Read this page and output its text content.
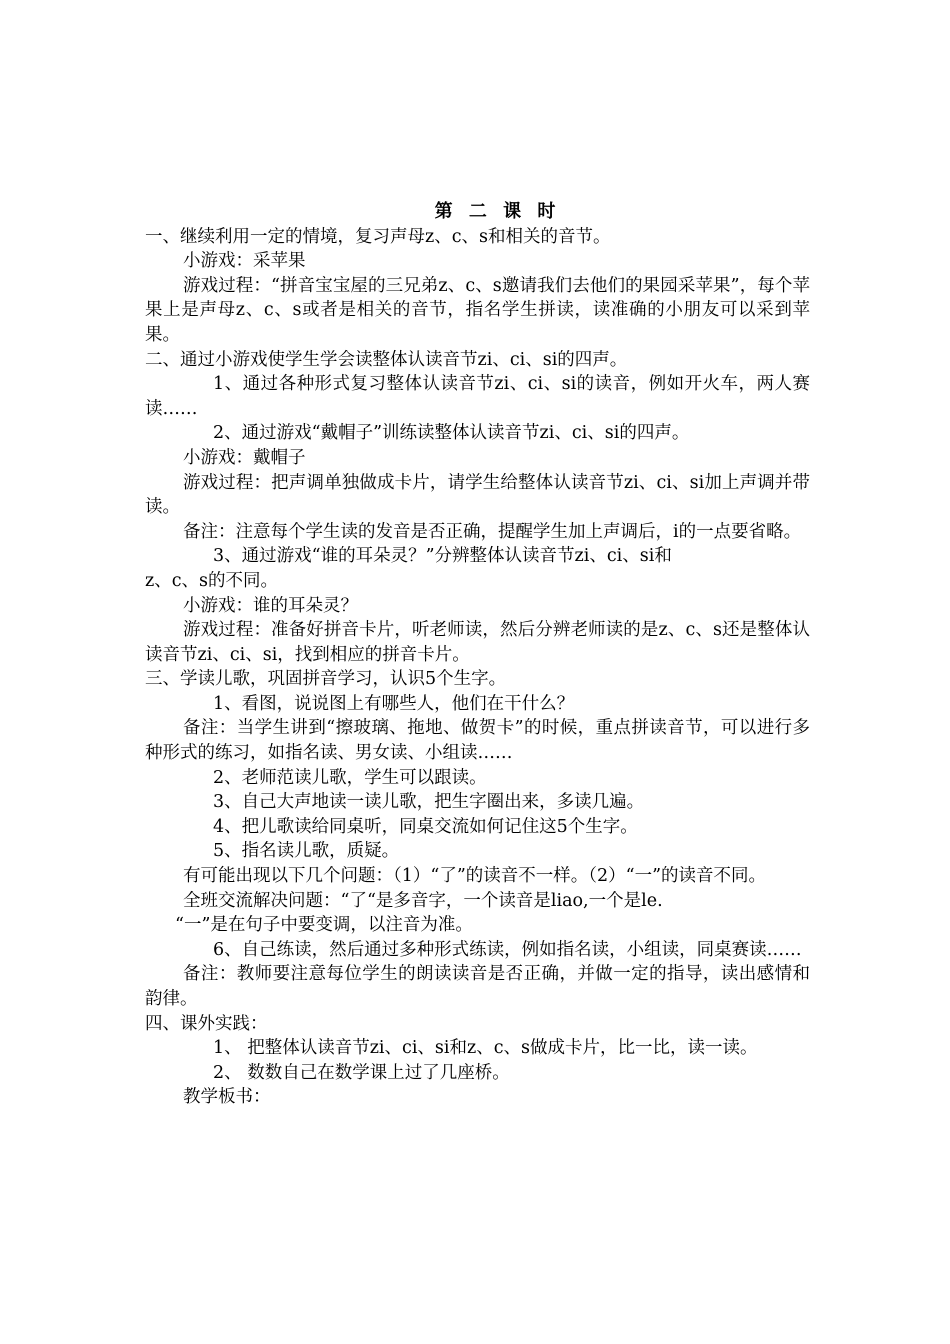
第 二 课 时

一、继续利用一定的情境，复习声母z、c、s和相关的音节。

小游戏：采苹果

游戏过程：“拼音宝宝屋的三兄弟z、c、s邀请我们去他们的果园采苹果”，每个苹果上是声母z、c、s或者是相关的音节，指名学生拼读，读准确的小朋友可以采到苹果。

二、通过小游戏使学生学会读整体认读音节zi、ci、si的四声。

1、通过各种形式复习整体认读音节zi、ci、si的读音，例如开火车，两人赛读……

2、通过游戏“戴帽子”训练读整体认读音节zi、ci、si的四声。

小游戏：戴帽子

游戏过程：把声调单独做成卡片，请学生给整体认读音节zi、ci、si加上声调并带读。

备注：注意每个学生读的发音是否正确，提醒学生加上声调后，i的一点要省略。

3、通过游戏“谁的耳朵灵？”分辨整体认读音节zi、ci、si和

z、c、s的不同。

小游戏：谁的耳朵灵？

游戏过程：准备好拼音卡片，听老师读，然后分辨老师读的是z、c、s还是整体认读音节zi、ci、si，找到相应的拼音卡片。

三、学读儿歌，巩固拼音学习，认识5个生字。

1、看图，说说图上有哪些人，他们在干什么？

备注：当学生讲到“擦玻璃、拖地、做贺卡”的时候，重点拼读音节，可以进行多种形式的练习，如指名读、男女读、小组读……

2、老师范读儿歌，学生可以跟读。

3、自己大声地读一读儿歌，把生字圈出来，多读几遍。

4、把儿歌读给同桌听，同桌交流如何记住这5个生字。

5、指名读儿歌，质疑。

有可能出现以下几个问题：（1）“了”的读音不一样。（2）“一”的读音不同。

全班交流解决问题：“了“是多音字，一个读音是liao,一个是le.

“一”是在句子中要变调，以注音为准。

6、自己练读，然后通过多种形式练读，例如指名读，小组读，同桌赛读……

备注：教师要注意每位学生的朗读读音是否正确，并做一定的指导，读出感情和韵律。

四、课外实践：

1、 把整体认读音节zi、ci、si和z、c、s做成卡片，比一比，读一读。

2、 数数自己在数学课上过了几座桥。

教学板书：
